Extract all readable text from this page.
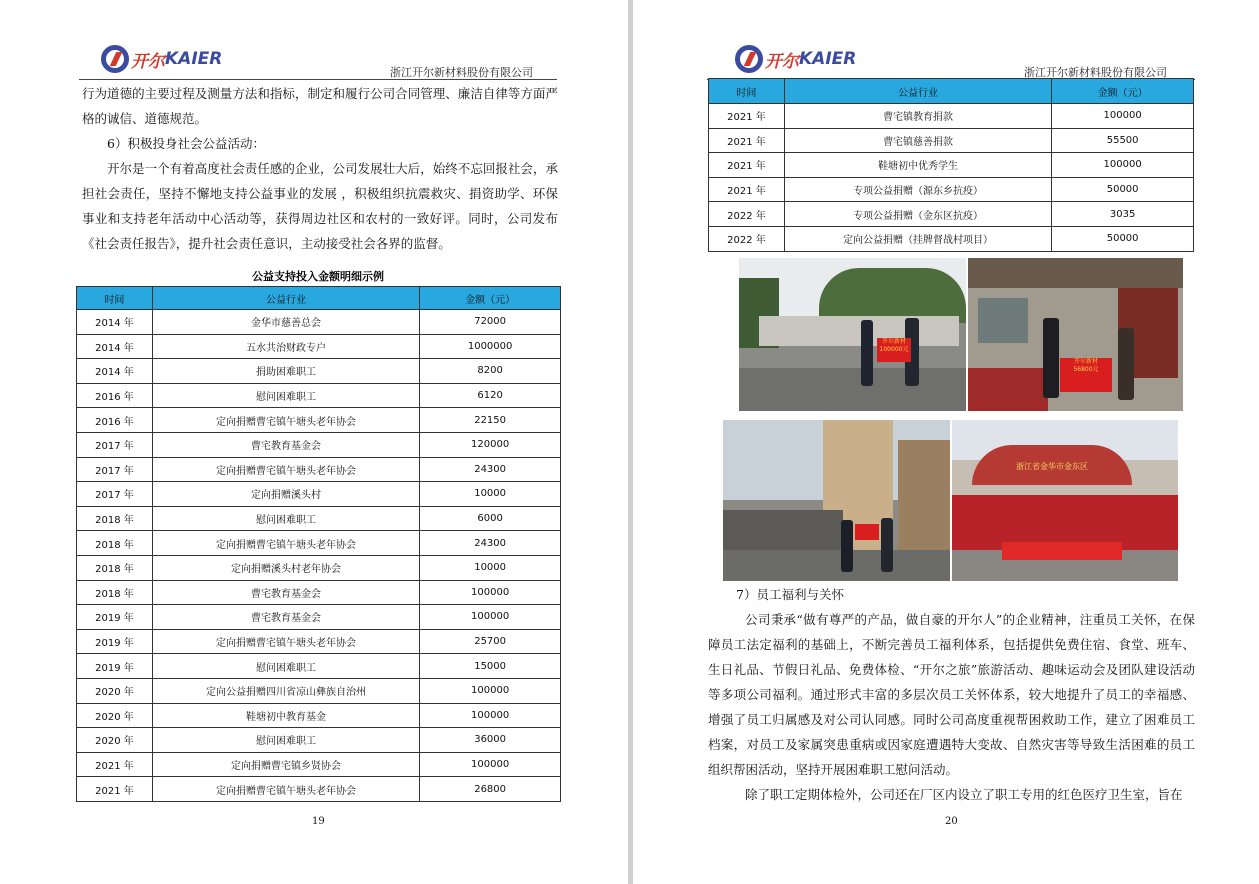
开尔 KAIER
浙江开尔新材料股份有限公司

行为道德的主要过程及测量方法和指标，制定和履行公司合同管理、廉洁自律等方面严格的诚信、道德规范。

6）积极投身社会公益活动：

开尔是一个有着高度社会责任感的企业，公司发展壮大后，始终不忘回报社会，承担社会责任，坚持不懈地支持公益事业的发展 ，积极组织抗震救灾、捐资助学、环保事业和支持老年活动中心活动等，获得周边社区和农村的一致好评。同时，公司发布《社会责任报告》，提升社会责任意识，主动接受社会各界的监督。

公益支持投入金额明细示例
时间	公益行业	金额（元）
2014 年	金华市慈善总会	72000
2014 年	五水共治财政专户	1000000
2014 年	捐助困难职工	8200
2016 年	慰问困难职工	6120
2016 年	定向捐赠曹宅镇午塘头老年协会	22150
2017 年	曹宅教育基金会	120000
2017 年	定向捐赠曹宅镇午塘头老年协会	24300
2017 年	定向捐赠溪头村	10000
2018 年	慰问困难职工	6000
2018 年	定向捐赠曹宅镇午塘头老年协会	24300
2018 年	定向捐赠溪头村老年协会	10000
2018 年	曹宅教育基金会	100000
2019 年	曹宅教育基金会	100000
2019 年	定向捐赠曹宅镇午塘头老年协会	25700
2019 年	慰问困难职工	15000
2020 年	定向公益捐赠四川省凉山彝族自治州	100000
2020 年	鞋塘初中教育基金	100000
2020 年	慰问困难职工	36000
2021 年	定向捐赠曹宅镇乡贤协会	100000
2021 年	定向捐赠曹宅镇午塘头老年协会	26800
19
开尔 KAIER
浙江开尔新材料股份有限公司
时间	公益行业	金额（元）
2021 年	曹宅镇教育捐款	100000
2021 年	曹宅镇慈善捐款	55500
2021 年	鞋塘初中优秀学生	100000
2021 年	专项公益捐赠（源东乡抗疫）	50000
2022 年	专项公益捐赠（金东区抗疫）	3035
2022 年	定向公益捐赠（挂牌督战村项目）	50000
开尔新材
100000元
开尔新材
56800元
浙江省金华市金东区

7）员工福利与关怀

公司秉承“做有尊严的产品，做自豪的开尔人”的企业精神，注重员工关怀，在保障员工法定福利的基础上，不断完善员工福利体系，包括提供免费住宿、食堂、班车、生日礼品、节假日礼品、免费体检、“开尔之旅”旅游活动、趣味运动会及团队建设活动等多项公司福利。通过形式丰富的多层次员工关怀体系，较大地提升了员工的幸福感、增强了员工归属感及对公司认同感。同时公司高度重视帮困救助工作，建立了困难员工档案，对员工及家属突患重病或因家庭遭遇特大变故、自然灾害等导致生活困难的员工组织帮困活动，坚持开展困难职工慰问活动。

除了职工定期体检外，公司还在厂区内设立了职工专用的红色医疗卫生室，旨在

20
